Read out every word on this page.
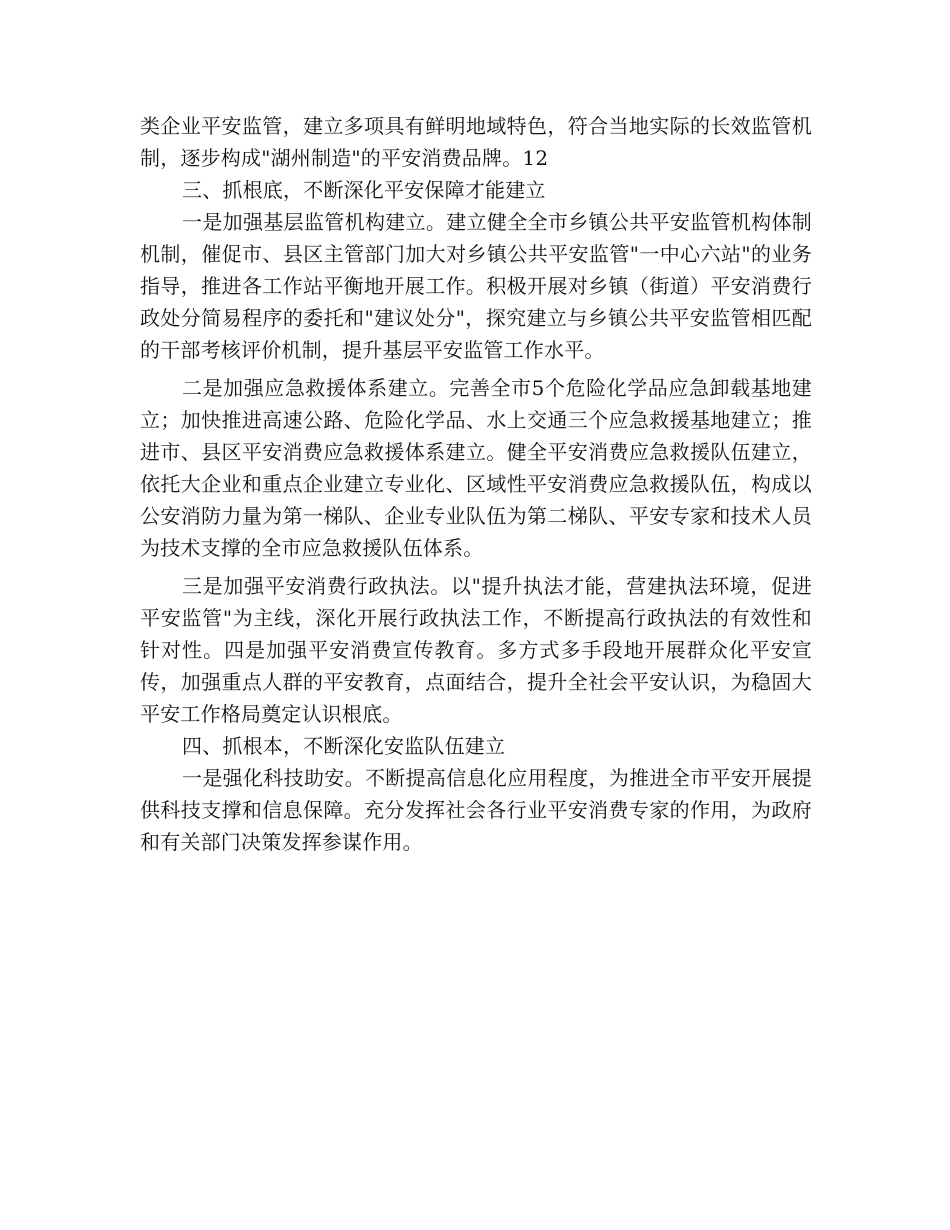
类企业平安监管，建立多项具有鲜明地域特色，符合当地实际的长效监管机制，逐步构成"湖州制造"的平安消费品牌。12

三、抓根底，不断深化平安保障才能建立

一是加强基层监管机构建立。建立健全全市乡镇公共平安监管机构体制机制，催促市、县区主管部门加大对乡镇公共平安监管"一中心六站"的业务指导，推进各工作站平衡地开展工作。积极开展对乡镇（街道）平安消费行政处分简易程序的委托和"建议处分"，探究建立与乡镇公共平安监管相匹配的干部考核评价机制，提升基层平安监管工作水平。

二是加强应急救援体系建立。完善全市5个危险化学品应急卸载基地建立；加快推进高速公路、危险化学品、水上交通三个应急救援基地建立；推进市、县区平安消费应急救援体系建立。健全平安消费应急救援队伍建立，依托大企业和重点企业建立专业化、区域性平安消费应急救援队伍，构成以公安消防力量为第一梯队、企业专业队伍为第二梯队、平安专家和技术人员为技术支撑的全市应急救援队伍体系。

三是加强平安消费行政执法。以"提升执法才能，营建执法环境，促进平安监管"为主线，深化开展行政执法工作，不断提高行政执法的有效性和针对性。四是加强平安消费宣传教育。多方式多手段地开展群众化平安宣传，加强重点人群的平安教育，点面结合，提升全社会平安认识，为稳固大平安工作格局奠定认识根底。

四、抓根本，不断深化安监队伍建立

一是强化科技助安。不断提高信息化应用程度，为推进全市平安开展提供科技支撑和信息保障。充分发挥社会各行业平安消费专家的作用，为政府和有关部门决策发挥参谋作用。
